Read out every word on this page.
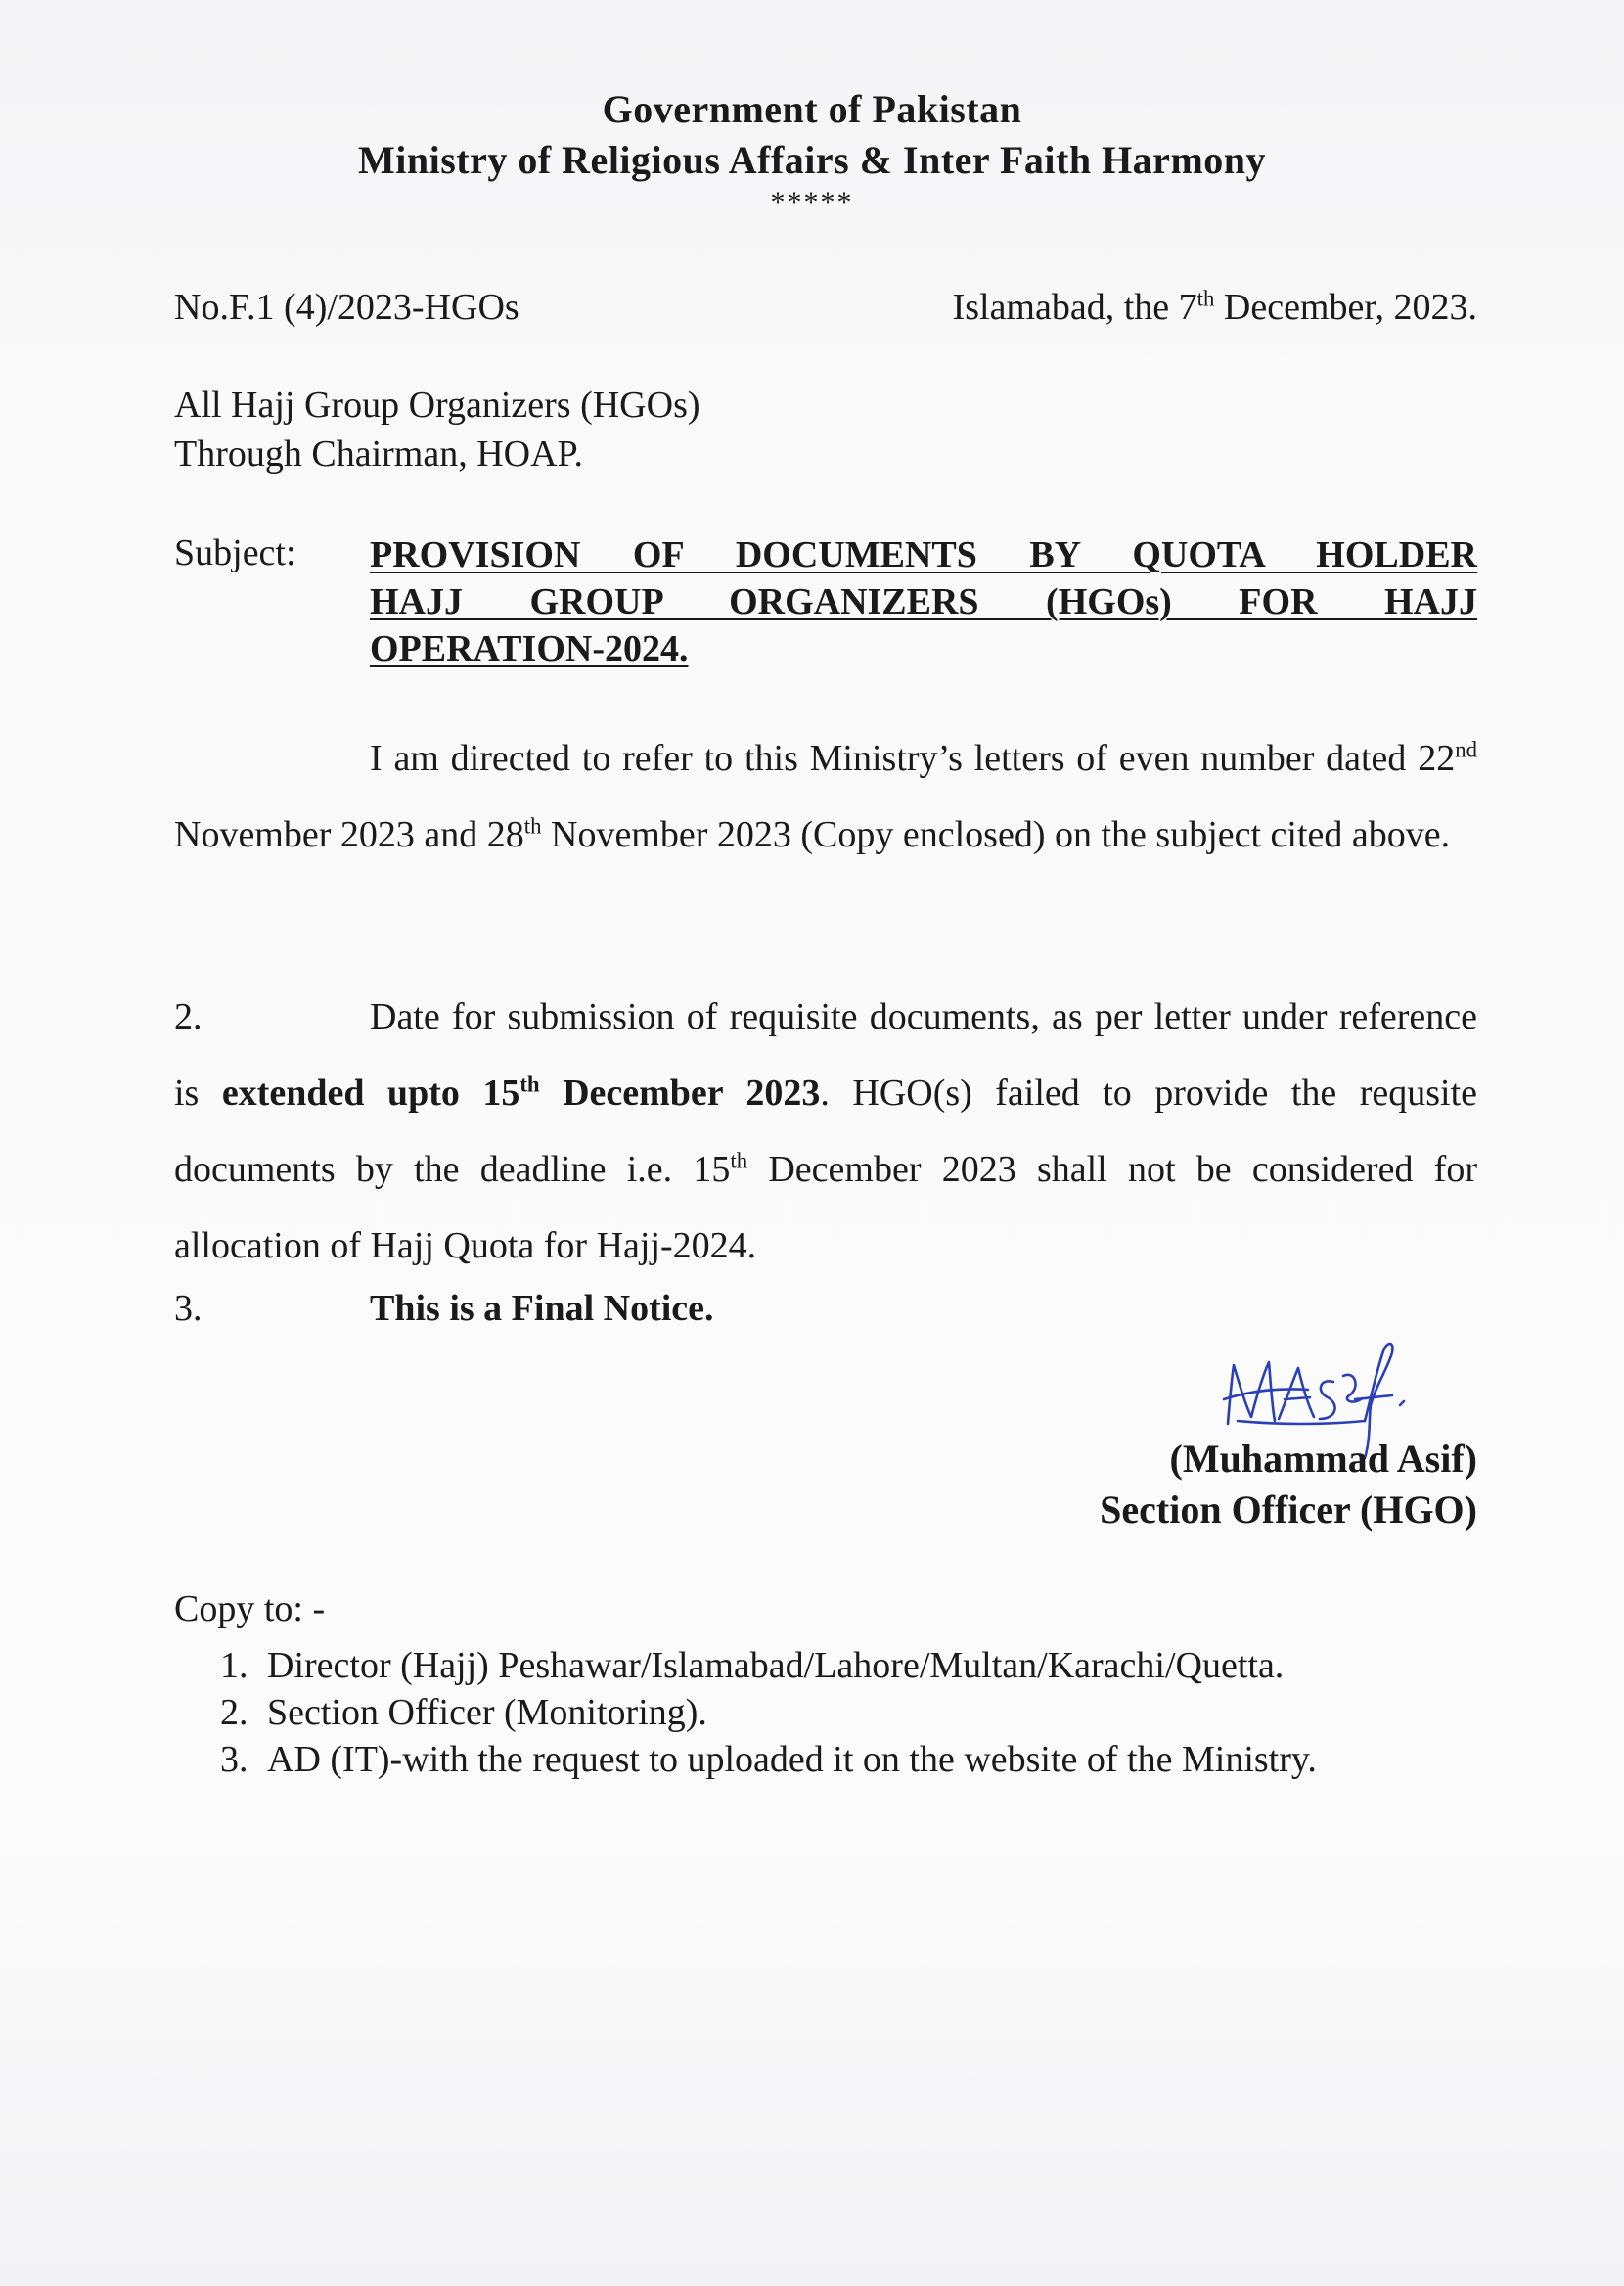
Government of Pakistan
Ministry of Religious Affairs & Inter Faith Harmony
*****
No.F.1 (4)/2023-HGOs	Islamabad, the 7th December, 2023.
All Hajj Group Organizers (HGOs)
Through Chairman, HOAP.
Subject: PROVISION OF DOCUMENTS BY QUOTA HOLDER
HAJJ GROUP ORGANIZERS (HGOs) FOR HAJJ
OPERATION-2024.

I am directed to refer to this Ministry’s letters of even number dated 22nd November 2023 and 28th November 2023 (Copy enclosed) on the subject cited above.

2.	Date for submission of requisite documents, as per letter under reference is extended upto 15th December 2023. HGO(s) failed to provide the requsite documents by the deadline i.e. 15th December 2023 shall not be considered for allocation of Hajj Quota for Hajj-2024.

3.	This is a Final Notice.
(Muhammad Asif)
Section Officer (HGO)
Copy to: -
1. Director (Hajj) Peshawar/Islamabad/Lahore/Multan/Karachi/Quetta.
2. Section Officer (Monitoring).
3. AD (IT)-with the request to uploaded it on the website of the Ministry.
